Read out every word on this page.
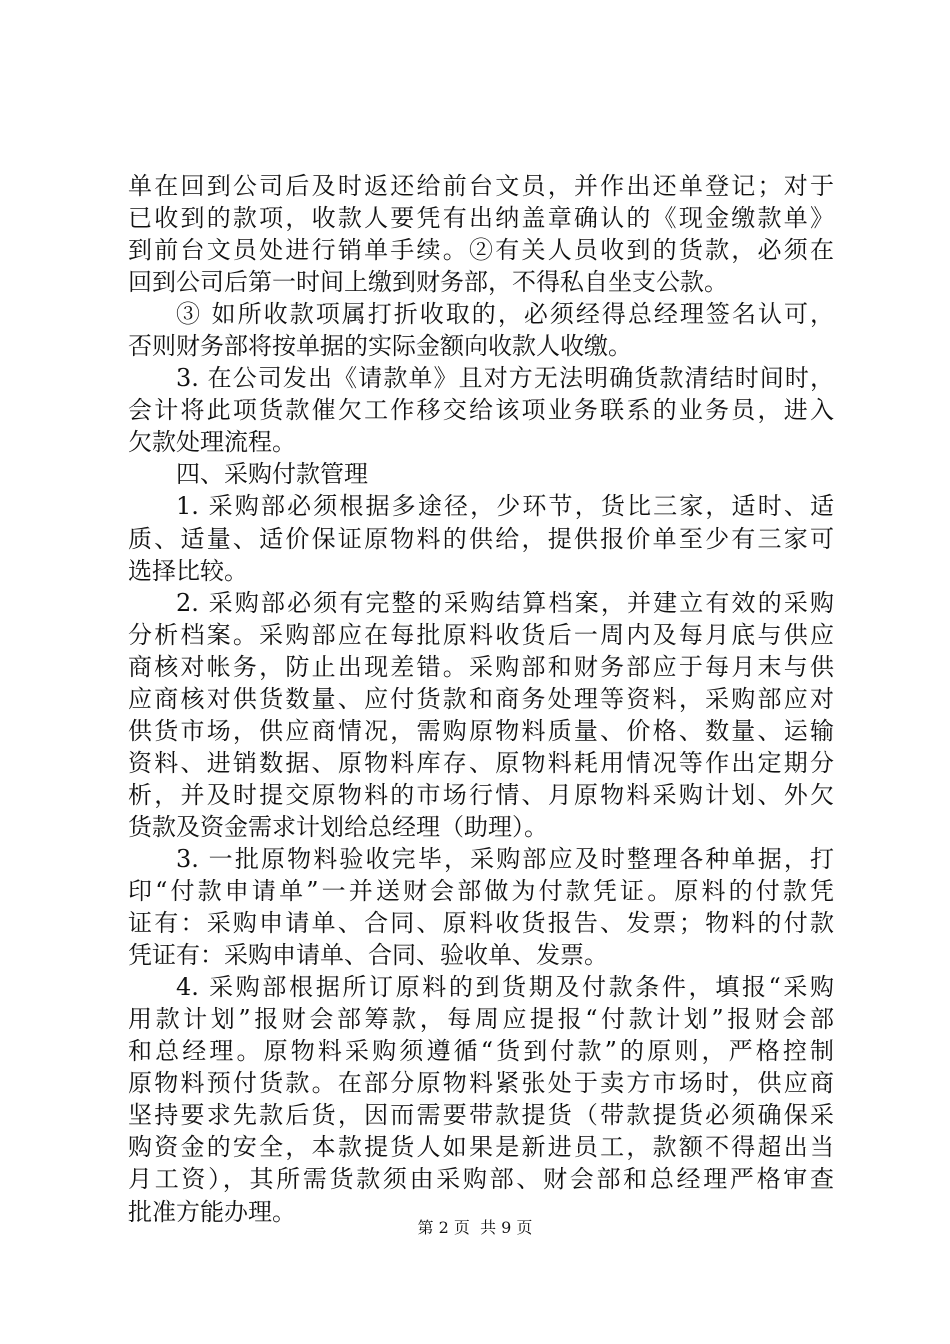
单在回到公司后及时返还给前台文员，并作出还单登记；对于
已收到的款项，收款人要凭有出纳盖章确认的《现金缴款单》
到前台文员处进行销单手续。②有关人员收到的货款，必须在
回到公司后第一时间上缴到财务部，不得私自坐支公款。
③ 如所收款项属打折收取的，必须经得总经理签名认可，
否则财务部将按单据的实际金额向收款人收缴。
3. 在公司发出《请款单》且对方无法明确货款清结时间时，
会计将此项货款催欠工作移交给该项业务联系的业务员，进入
欠款处理流程。
四、采购付款管理
1. 采购部必须根据多途径，少环节，货比三家，适时、适
质、适量、适价保证原物料的供给，提供报价单至少有三家可
选择比较。
2. 采购部必须有完整的采购结算档案，并建立有效的采购
分析档案。采购部应在每批原料收货后一周内及每月底与供应
商核对帐务，防止出现差错。采购部和财务部应于每月末与供
应商核对供货数量、应付货款和商务处理等资料，采购部应对
供货市场，供应商情况，需购原物料质量、价格、数量、运输
资料、进销数据、原物料库存、原物料耗用情况等作出定期分
析，并及时提交原物料的市场行情、月原物料采购计划、外欠
货款及资金需求计划给总经理（助理）。
3. 一批原物料验收完毕，采购部应及时整理各种单据，打
印“付款申请单”一并送财会部做为付款凭证。原料的付款凭
证有：采购申请单、合同、原料收货报告、发票；物料的付款
凭证有：采购申请单、合同、验收单、发票。
4. 采购部根据所订原料的到货期及付款条件，填报“采购
用款计划”报财会部筹款，每周应提报“付款计划”报财会部
和总经理。原物料采购须遵循“货到付款”的原则，严格控制
原物料预付货款。在部分原物料紧张处于卖方市场时，供应商
坚持要求先款后货，因而需要带款提货（带款提货必须确保采
购资金的安全，本款提货人如果是新进员工，款额不得超出当
月工资），其所需货款须由采购部、财会部和总经理严格审查
批准方能办理。
第 2 页  共 9 页
